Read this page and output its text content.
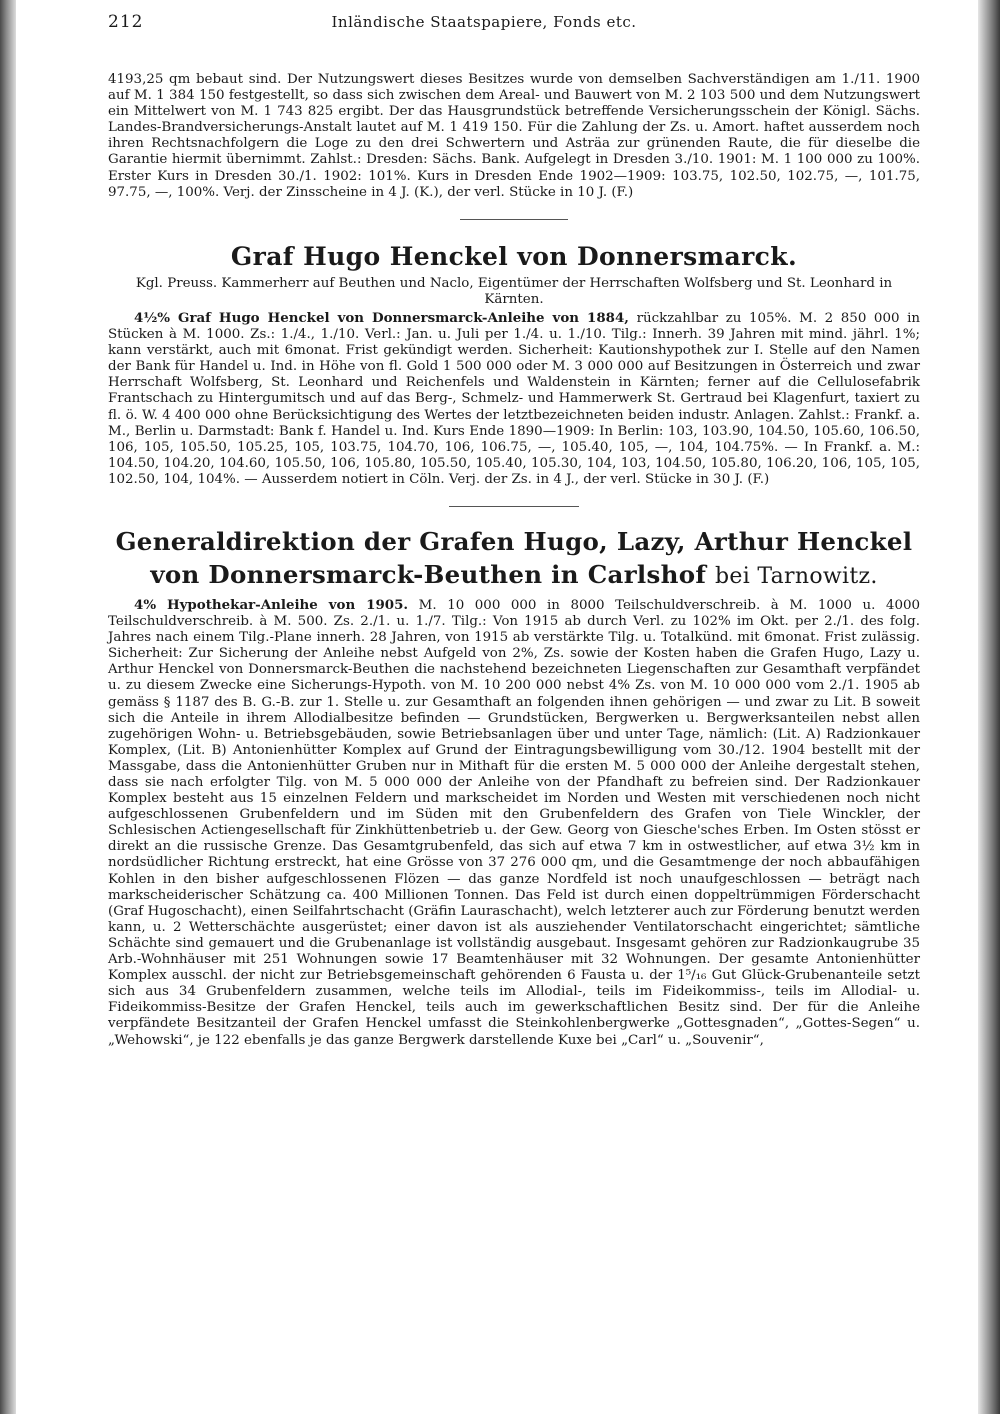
212	Inländische Staatspapiere, Fonds etc.

4193,25 qm bebaut sind. Der Nutzungswert dieses Besitzes wurde von demselben Sachverständigen am 1./11. 1900 auf M. 1 384 150 festgestellt, so dass sich zwischen dem Areal- und Bauwert von M. 2 103 500 und dem Nutzungswert ein Mittelwert von M. 1 743 825 ergibt. Der das Hausgrundstück betreffende Versicherungsschein der Königl. Sächs. Landes-Brandversicherungs-Anstalt lautet auf M. 1 419 150. Für die Zahlung der Zs. u. Amort. haftet ausserdem noch ihren Rechtsnachfolgern die Loge zu den drei Schwertern und Asträa zur grünenden Raute, die für dieselbe die Garantie hiermit übernimmt. Zahlst.: Dresden: Sächs. Bank. Aufgelegt in Dresden 3./10. 1901: M. 1 100 000 zu 100%. Erster Kurs in Dresden 30./1. 1902: 101%. Kurs in Dresden Ende 1902—1909: 103.75, 102.50, 102.75, —, 101.75, 97.75, —, 100%. Verj. der Zinsscheine in 4 J. (K.), der verl. Stücke in 10 J. (F.)

Graf Hugo Henckel von Donnersmarck.

Kgl. Preuss. Kammerherr auf Beuthen und Naclo, Eigentümer der Herrschaften Wolfsberg und St. Leonhard in Kärnten.

4½% Graf Hugo Henckel von Donnersmarck-Anleihe von 1884, rückzahlbar zu 105%. M. 2 850 000 in Stücken à M. 1000. Zs.: 1./4., 1./10. Verl.: Jan. u. Juli per 1./4. u. 1./10. Tilg.: Innerh. 39 Jahren mit mind. jährl. 1%; kann verstärkt, auch mit 6monat. Frist gekündigt werden. Sicherheit: Kautionshypothek zur I. Stelle auf den Namen der Bank für Handel u. Ind. in Höhe von fl. Gold 1 500 000 oder M. 3 000 000 auf Besitzungen in Österreich und zwar Herrschaft Wolfsberg, St. Leonhard und Reichenfels und Waldenstein in Kärnten; ferner auf die Cellulosefabrik Frantschach zu Hintergumitsch und auf das Berg-, Schmelz- und Hammerwerk St. Gertraud bei Klagenfurt, taxiert zu fl. ö. W. 4 400 000 ohne Berücksichtigung des Wertes der letztbezeichneten beiden industr. Anlagen. Zahlst.: Frankf. a. M., Berlin u. Darmstadt: Bank f. Handel u. Ind. Kurs Ende 1890—1909: In Berlin: 103, 103.90, 104.50, 105.60, 106.50, 106, 105, 105.50, 105.25, 105, 103.75, 104.70, 106, 106.75, —, 105.40, 105, —, 104, 104.75%. — In Frankf. a. M.: 104.50, 104.20, 104.60, 105.50, 106, 105.80, 105.50, 105.40, 105.30, 104, 103, 104.50, 105.80, 106.20, 106, 105, 105, 102.50, 104, 104%. — Ausserdem notiert in Cöln. Verj. der Zs. in 4 J., der verl. Stücke in 30 J. (F.)

Generaldirektion der Grafen Hugo, Lazy, Arthur Henckel
von Donnersmarck-Beuthen in Carlshof bei Tarnowitz.

4% Hypothekar-Anleihe von 1905. M. 10 000 000 in 8000 Teilschuldverschreib. à M. 1000 u. 4000 Teilschuldverschreib. à M. 500. Zs. 2./1. u. 1./7. Tilg.: Von 1915 ab durch Verl. zu 102% im Okt. per 2./1. des folg. Jahres nach einem Tilg.-Plane innerh. 28 Jahren, von 1915 ab verstärkte Tilg. u. Totalkünd. mit 6monat. Frist zulässig. Sicherheit: Zur Sicherung der Anleihe nebst Aufgeld von 2%, Zs. sowie der Kosten haben die Grafen Hugo, Lazy u. Arthur Henckel von Donnersmarck-Beuthen die nachstehend bezeichneten Liegenschaften zur Gesamthaft verpfändet u. zu diesem Zwecke eine Sicherungs-Hypoth. von M. 10 200 000 nebst 4% Zs. von M. 10 000 000 vom 2./1. 1905 ab gemäss § 1187 des B. G.-B. zur 1. Stelle u. zur Gesamthaft an folgenden ihnen gehörigen — und zwar zu Lit. B soweit sich die Anteile in ihrem Allodialbesitze befinden — Grundstücken, Bergwerken u. Bergwerksanteilen nebst allen zugehörigen Wohn- u. Betriebsgebäuden, sowie Betriebsanlagen über und unter Tage, nämlich: (Lit. A) Radzionkauer Komplex, (Lit. B) Antonienhütter Komplex auf Grund der Eintragungsbewilligung vom 30./12. 1904 bestellt mit der Massgabe, dass die Antonienhütter Gruben nur in Mithaft für die ersten M. 5 000 000 der Anleihe dergestalt stehen, dass sie nach erfolgter Tilg. von M. 5 000 000 der Anleihe von der Pfandhaft zu befreien sind. Der Radzionkauer Komplex besteht aus 15 einzelnen Feldern und markscheidet im Norden und Westen mit verschiedenen noch nicht aufgeschlossenen Grubenfeldern und im Süden mit den Grubenfeldern des Grafen von Tiele Winckler, der Schlesischen Actiengesellschaft für Zinkhüttenbetrieb u. der Gew. Georg von Giesche'sches Erben. Im Osten stösst er direkt an die russische Grenze. Das Gesamtgrubenfeld, das sich auf etwa 7 km in ostwestlicher, auf etwa 3½ km in nordsüdlicher Richtung erstreckt, hat eine Grösse von 37 276 000 qm, und die Gesamtmenge der noch abbaufähigen Kohlen in den bisher aufgeschlossenen Flözen — das ganze Nordfeld ist noch unaufgeschlossen — beträgt nach markscheiderischer Schätzung ca. 400 Millionen Tonnen. Das Feld ist durch einen doppeltrümmigen Förderschacht (Graf Hugoschacht), einen Seilfahrtschacht (Gräfin Lauraschacht), welch letzterer auch zur Förderung benutzt werden kann, u. 2 Wetterschächte ausgerüstet; einer davon ist als ausziehender Ventilatorschacht eingerichtet; sämtliche Schächte sind gemauert und die Grubenanlage ist vollständig ausgebaut. Insgesamt gehören zur Radzionkaugrube 35 Arb.-Wohnhäuser mit 251 Wohnungen sowie 17 Beamtenhäuser mit 32 Wohnungen. Der gesamte Antonienhütter Komplex ausschl. der nicht zur Betriebsgemeinschaft gehörenden 6 Fausta u. der 1⁵/₁₆ Gut Glück-Grubenanteile setzt sich aus 34 Grubenfeldern zusammen, welche teils im Allodial-, teils im Fideikommiss-, teils im Allodial- u. Fideikommiss-Besitze der Grafen Henckel, teils auch im gewerkschaftlichen Besitz sind. Der für die Anleihe verpfändete Besitzanteil der Grafen Henckel umfasst die Steinkohlenbergwerke „Gottesgnaden“, „Gottes-Segen“ u. „Wehowski“, je 122 ebenfalls je das ganze Bergwerk darstellende Kuxe bei „Carl“ u. „Souvenir“,
